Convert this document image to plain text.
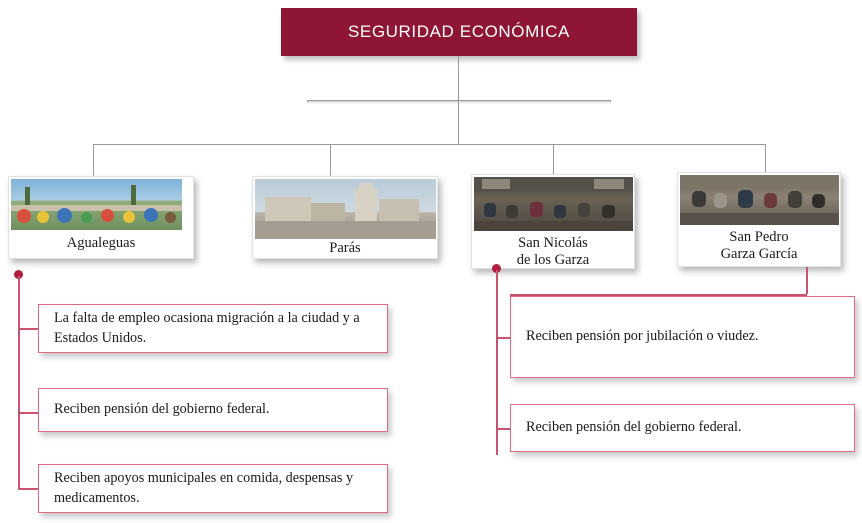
SEGURIDAD ECONÓMICA
Agualeguas	Parás	San Nicolás
de los Garza
San Pedro
Garza García
La falta de empleo ocasiona migración a la ciudad y a Estados Unidos.
Reciben pensión del gobierno federal.
Reciben apoyos municipales en comida, despensas y medicamentos.
Reciben pensión por jubilación o viudez.
Reciben pensión del gobierno federal.
